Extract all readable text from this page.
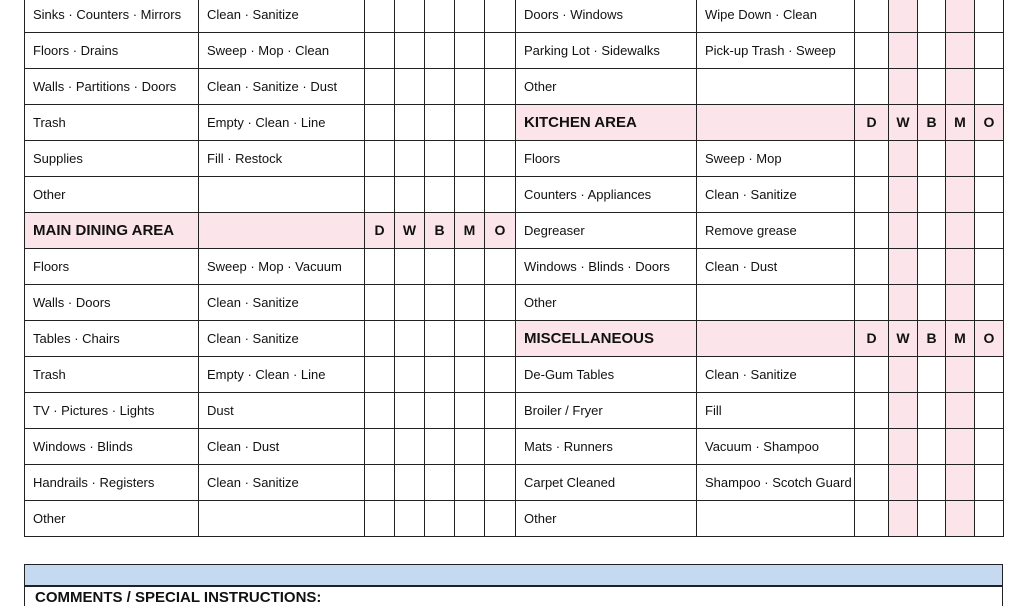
Sinks · Counters · Mirrors	Clean · Sanitize					
Floors · Drains	Sweep · Mop · Clean					
Walls · Partitions · Doors	Clean · Sanitize · Dust					
Trash	Empty · Clean · Line					
Supplies	Fill · Restock					
Other						
MAIN DINING AREA		D	W	B	M	O
Floors	Sweep · Mop · Vacuum					
Walls · Doors	Clean · Sanitize					
Tables · Chairs	Clean · Sanitize					
Trash	Empty · Clean · Line					
TV · Pictures · Lights	Dust					
Windows · Blinds	Clean · Dust					
Handrails · Registers	Clean · Sanitize					
Other						
Doors · Windows	Wipe Down · Clean					
Parking Lot · Sidewalks	Pick-up Trash · Sweep					
Other						
KITCHEN AREA		D	W	B	M	O
Floors	Sweep · Mop					
Counters · Appliances	Clean · Sanitize					
Degreaser	Remove grease					
Windows · Blinds · Doors	Clean · Dust					
Other						
MISCELLANEOUS		D	W	B	M	O
De-Gum Tables	Clean · Sanitize					
Broiler / Fryer	Fill					
Mats · Runners	Vacuum · Shampoo					
Carpet Cleaned	Shampoo · Scotch Guard					
Other						
COMMENTS / SPECIAL INSTRUCTIONS:
